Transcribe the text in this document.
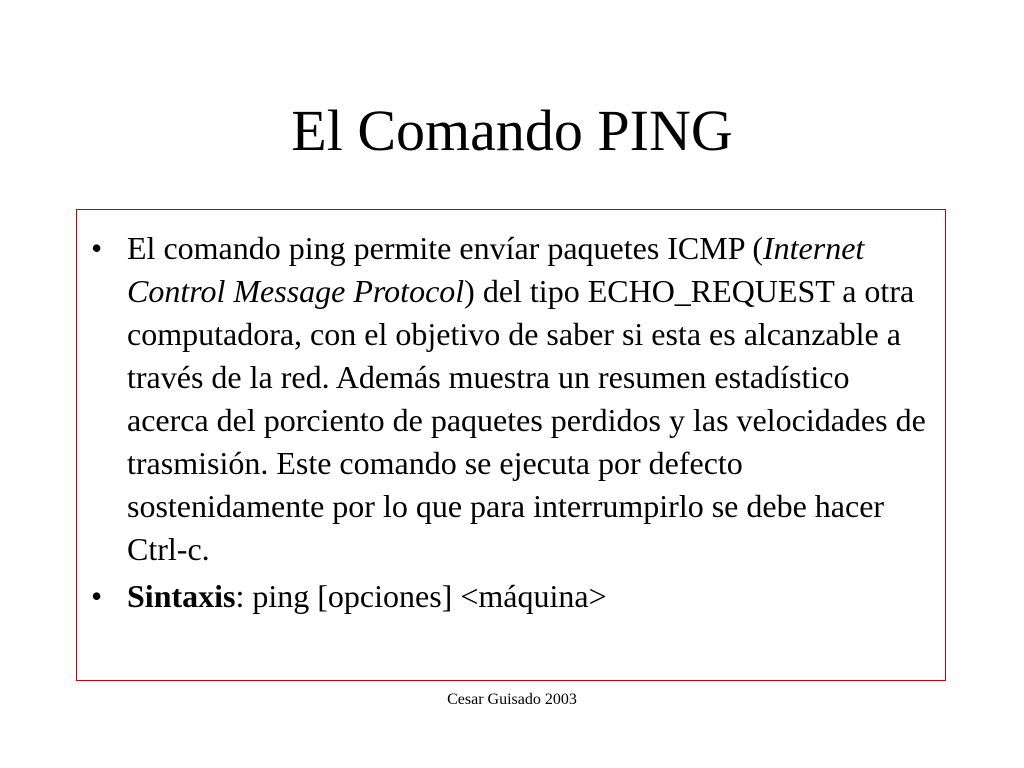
El Comando PING
• El comando ping permite envíar paquetes ICMP (Internet Control Message Protocol) del tipo ECHO_REQUEST a otra computadora, con el objetivo de saber si esta es alcanzable a través de la red. Además muestra un resumen estadístico acerca del porciento de paquetes perdidos y las velocidades de trasmisión. Este comando se ejecuta por defecto sostenidamente por lo que para interrumpirlo se debe hacer Ctrl-c.
• Sintaxis: ping [opciones] <máquina>
Cesar Guisado 2003
